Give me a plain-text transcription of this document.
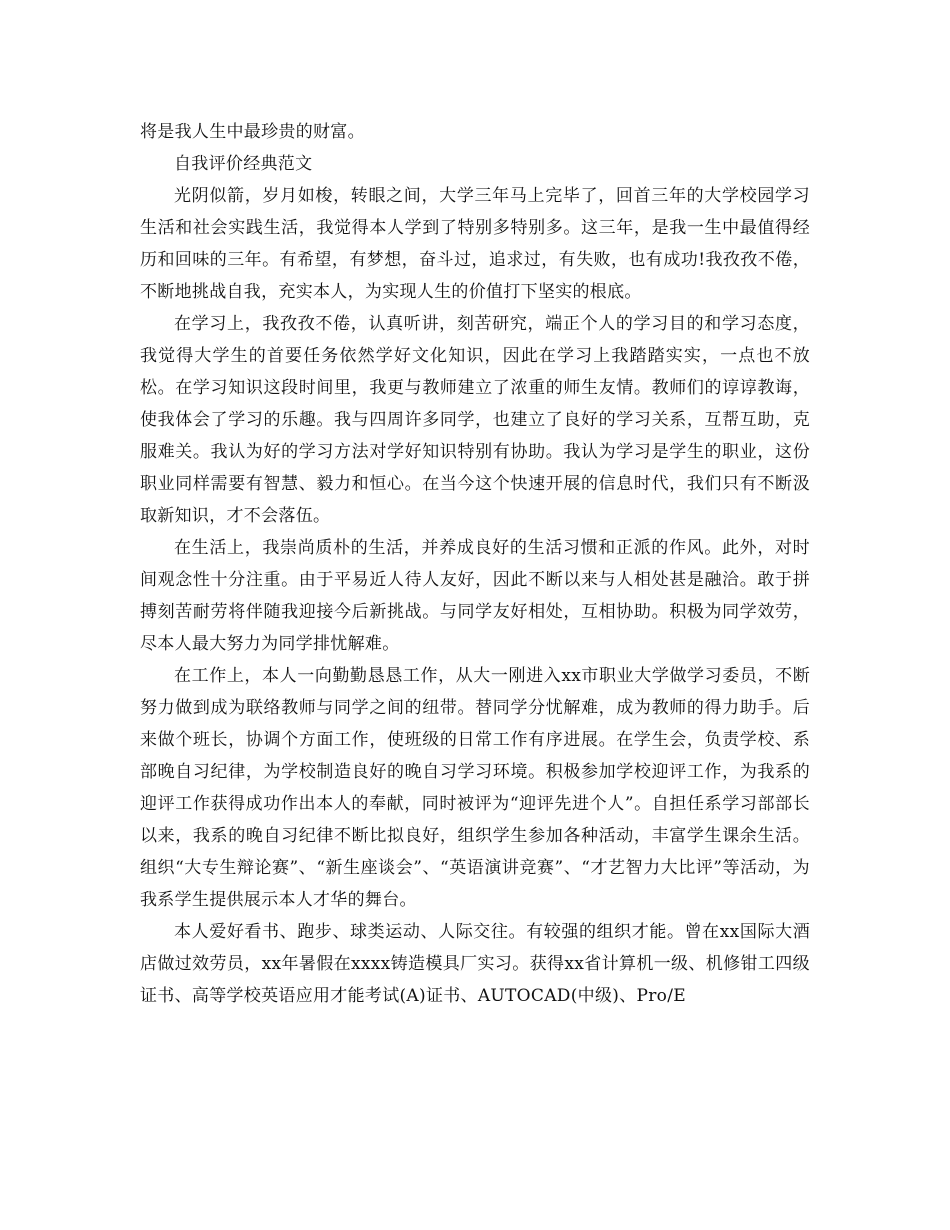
将是我人生中最珍贵的财富。

自我评价经典范文

光阴似箭，岁月如梭，转眼之间，大学三年马上完毕了，回首三年的大学校园学习生活和社会实践生活，我觉得本人学到了特别多特别多。这三年，是我一生中最值得经历和回味的三年。有希望，有梦想，奋斗过，追求过，有失败，也有成功!我孜孜不倦，不断地挑战自我，充实本人，为实现人生的价值打下坚实的根底。

在学习上，我孜孜不倦，认真听讲，刻苦研究，端正个人的学习目的和学习态度，我觉得大学生的首要任务依然学好文化知识，因此在学习上我踏踏实实，一点也不放松。在学习知识这段时间里，我更与教师建立了浓重的师生友情。教师们的谆谆教诲，使我体会了学习的乐趣。我与四周许多同学，也建立了良好的学习关系，互帮互助，克服难关。我认为好的学习方法对学好知识特别有协助。我认为学习是学生的职业，这份职业同样需要有智慧、毅力和恒心。在当今这个快速开展的信息时代，我们只有不断汲取新知识，才不会落伍。

在生活上，我崇尚质朴的生活，并养成良好的生活习惯和正派的作风。此外，对时间观念性十分注重。由于平易近人待人友好，因此不断以来与人相处甚是融洽。敢于拼搏刻苦耐劳将伴随我迎接今后新挑战。与同学友好相处，互相协助。积极为同学效劳，尽本人最大努力为同学排忧解难。

在工作上，本人一向勤勤恳恳工作，从大一刚进入xx市职业大学做学习委员，不断努力做到成为联络教师与同学之间的纽带。替同学分忧解难，成为教师的得力助手。后来做个班长，协调个方面工作，使班级的日常工作有序进展。在学生会，负责学校、系部晚自习纪律，为学校制造良好的晚自习学习环境。积极参加学校迎评工作，为我系的迎评工作获得成功作出本人的奉献，同时被评为“迎评先进个人”。自担任系学习部部长以来，我系的晚自习纪律不断比拟良好，组织学生参加各种活动，丰富学生课余生活。组织“大专生辩论赛”、“新生座谈会”、“英语演讲竞赛”、“才艺智力大比评”等活动，为我系学生提供展示本人才华的舞台。

本人爱好看书、跑步、球类运动、人际交往。有较强的组织才能。曾在xx国际大酒店做过效劳员，xx年暑假在xxxx铸造模具厂实习。获得xx省计算机一级、机修钳工四级证书、高等学校英语应用才能考试(A)证书、AUTOCAD(中级)、Pro/E
